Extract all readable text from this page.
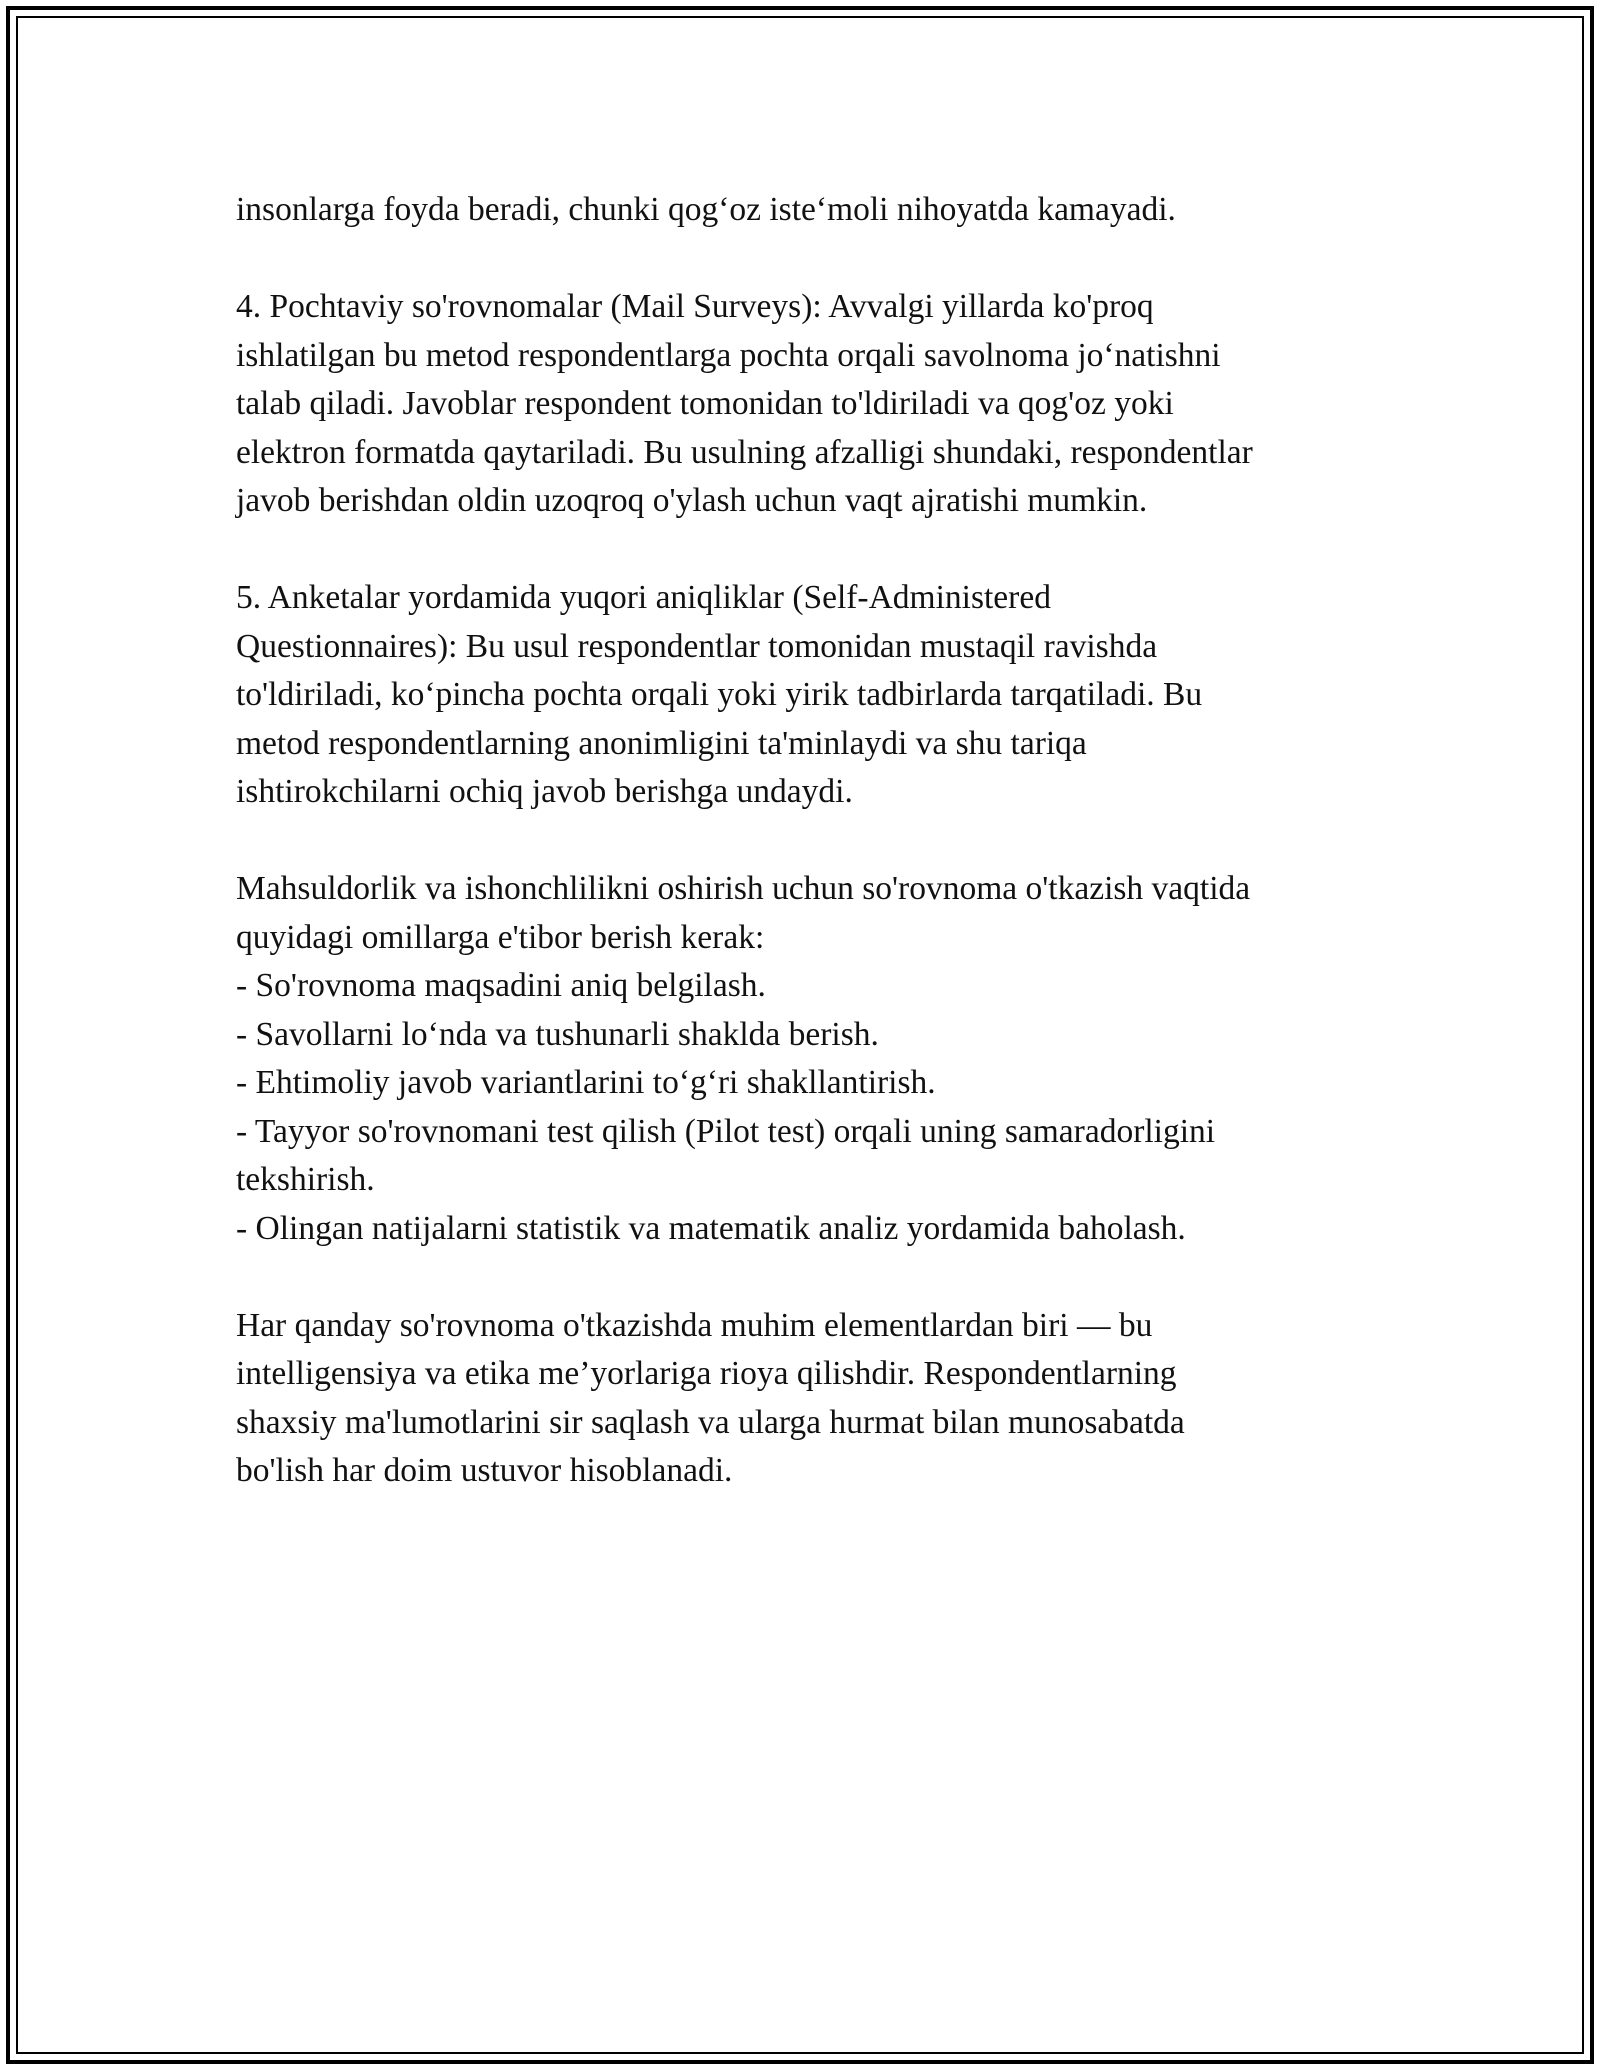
insonlarga foyda beradi, chunki qog‘oz iste‘moli nihoyatda kamayadi.
4. Pochtaviy so'rovnomalar (Mail Surveys): Avvalgi yillarda ko'proq
ishlatilgan bu metod respondentlarga pochta orqali savolnoma jo‘natishni
talab qiladi. Javoblar respondent tomonidan to'ldiriladi va qog'oz yoki
elektron formatda qaytariladi. Bu usulning afzalligi shundaki, respondentlar
javob berishdan oldin uzoqroq o'ylash uchun vaqt ajratishi mumkin.
5. Anketalar yordamida yuqori aniqliklar (Self-Administered
Questionnaires): Bu usul respondentlar tomonidan mustaqil ravishda
to'ldiriladi, ko‘pincha pochta orqali yoki yirik tadbirlarda tarqatiladi. Bu
metod respondentlarning anonimligini ta'minlaydi va shu tariqa
ishtirokchilarni ochiq javob berishga undaydi.
Mahsuldorlik va ishonchlilikni oshirish uchun so'rovnoma o'tkazish vaqtida
quyidagi omillarga e'tibor berish kerak:
- So'rovnoma maqsadini aniq belgilash.
- Savollarni lo‘nda va tushunarli shaklda berish.
- Ehtimoliy javob variantlarini to‘g‘ri shakllantirish.
- Tayyor so'rovnomani test qilish (Pilot test) orqali uning samaradorligini
tekshirish.
- Olingan natijalarni statistik va matematik analiz yordamida baholash.
Har qanday so'rovnoma o'tkazishda muhim elementlardan biri — bu
intelligensiya va etika me’yorlariga rioya qilishdir. Respondentlarning
shaxsiy ma'lumotlarini sir saqlash va ularga hurmat bilan munosabatda
bo'lish har doim ustuvor hisoblanadi.
